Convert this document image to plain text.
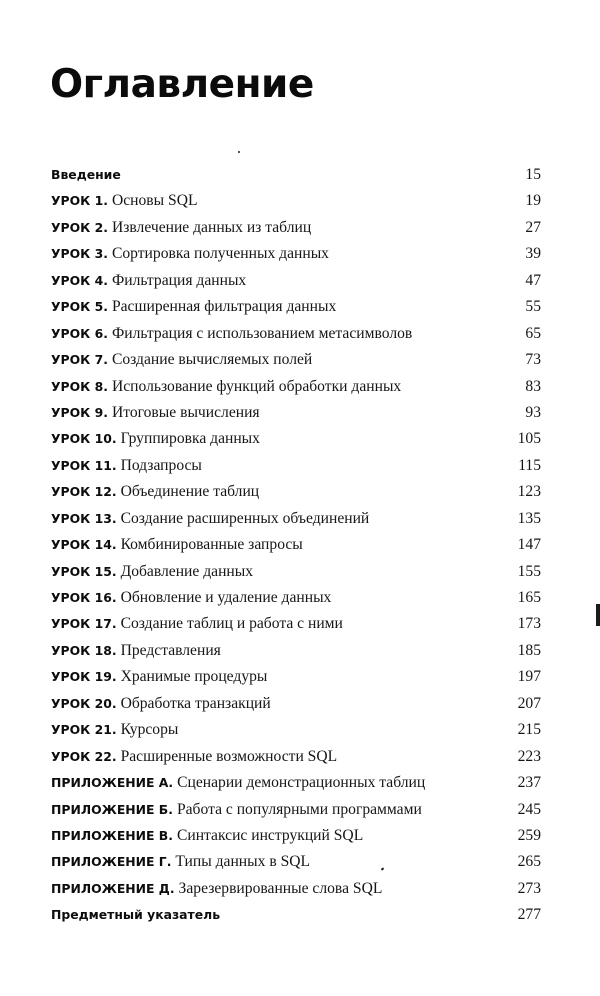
Оглавление
Введение	15
УРОК 1. Основы SQL	19
УРОК 2. Извлечение данных из таблиц	27
УРОК 3. Сортировка полученных данных	39
УРОК 4. Фильтрация данных	47
УРОК 5. Расширенная фильтрация данных	55
УРОК 6. Фильтрация с использованием метасимволов	65
УРОК 7. Создание вычисляемых полей	73
УРОК 8. Использование функций обработки данных	83
УРОК 9. Итоговые вычисления	93
УРОК 10. Группировка данных	105
УРОК 11. Подзапросы	115
УРОК 12. Объединение таблиц	123
УРОК 13. Создание расширенных объединений	135
УРОК 14. Комбинированные запросы	147
УРОК 15. Добавление данных	155
УРОК 16. Обновление и удаление данных	165
УРОК 17. Создание таблиц и работа с ними	173
УРОК 18. Представления	185
УРОК 19. Хранимые процедуры	197
УРОК 20. Обработка транзакций	207
УРОК 21. Курсоры	215
УРОК 22. Расширенные возможности SQL	223
ПРИЛОЖЕНИЕ А. Сценарии демонстрационных таблиц	237
ПРИЛОЖЕНИЕ Б. Работа с популярными программами	245
ПРИЛОЖЕНИЕ В. Синтаксис инструкций SQL	259
ПРИЛОЖЕНИЕ Г. Типы данных в SQL	265
ПРИЛОЖЕНИЕ Д. Зарезервированные слова SQL	273
Предметный указатель	277
